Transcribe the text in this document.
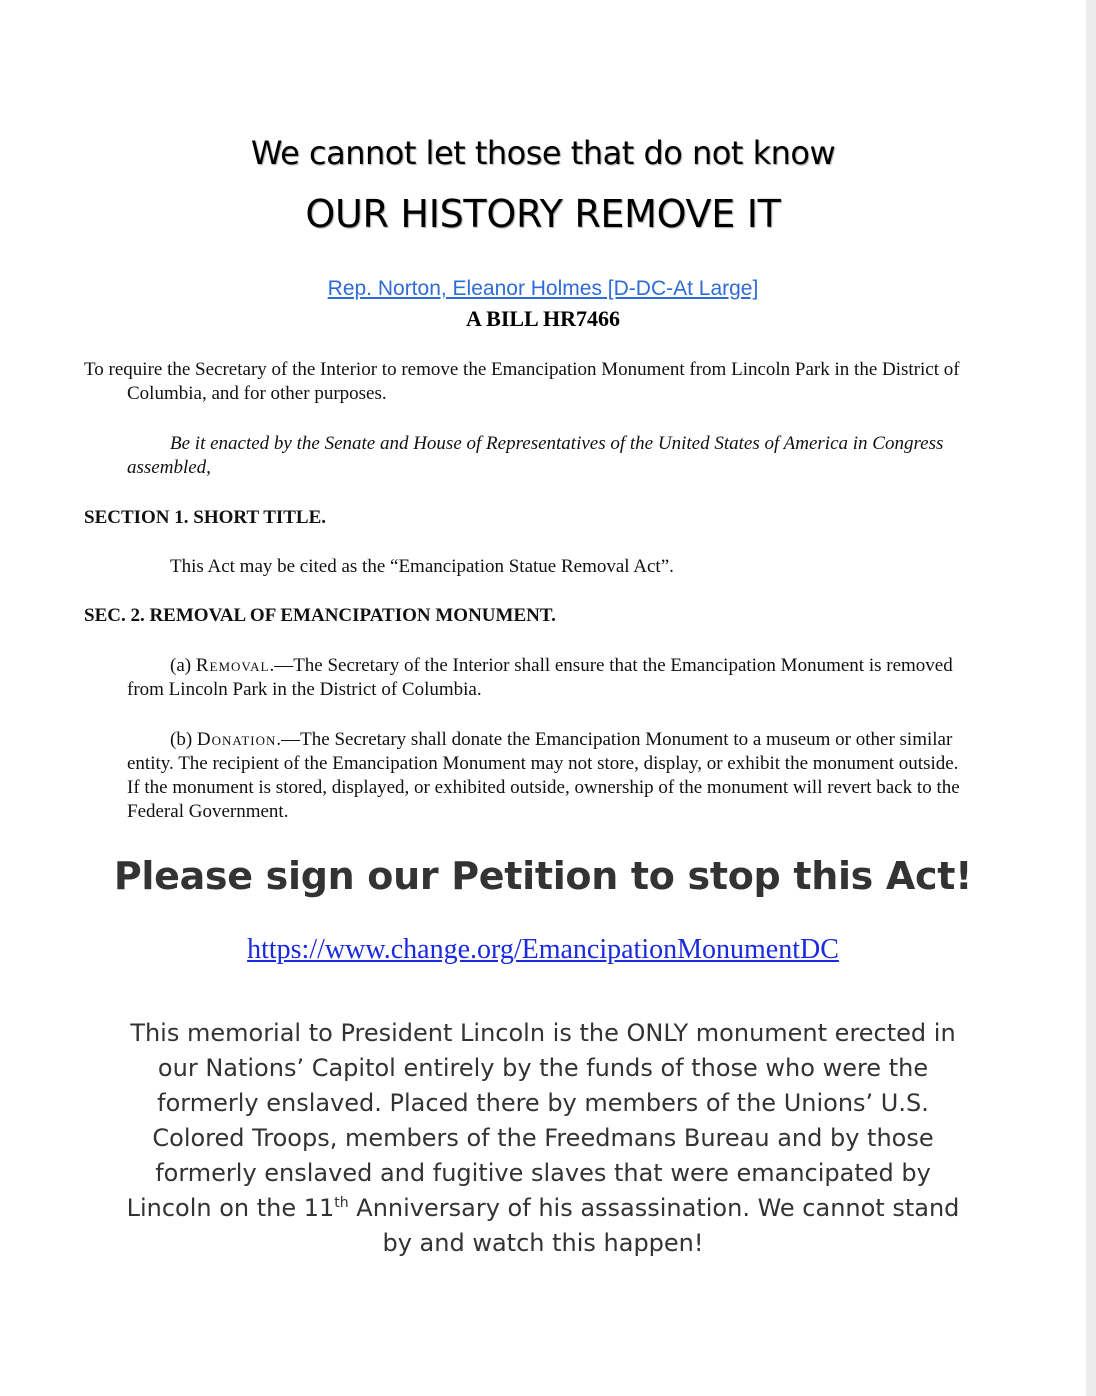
We cannot let those that do not know
OUR HISTORY REMOVE IT
Rep. Norton, Eleanor Holmes [D-DC-At Large]
A BILL HR7466
To require the Secretary of the Interior to remove the Emancipation Monument from Lincoln Park in the District of Columbia, and for other purposes.
Be it enacted by the Senate and House of Representatives of the United States of America in Congress assembled,
SECTION 1. SHORT TITLE.
This Act may be cited as the “Emancipation Statue Removal Act”.
SEC. 2. REMOVAL OF EMANCIPATION MONUMENT.
(a) Removal.—The Secretary of the Interior shall ensure that the Emancipation Monument is removed from Lincoln Park in the District of Columbia.
(b) Donation.—The Secretary shall donate the Emancipation Monument to a museum or other similar entity. The recipient of the Emancipation Monument may not store, display, or exhibit the monument outside. If the monument is stored, displayed, or exhibited outside, ownership of the monument will revert back to the Federal Government.
Please sign our Petition to stop this Act!
https://www.change.org/EmancipationMonumentDC
This memorial to President Lincoln is the ONLY monument erected in our Nations’ Capitol entirely by the funds of those who were the formerly enslaved. Placed there by members of the Unions’ U.S. Colored Troops, members of the Freedmans Bureau and by those formerly enslaved and fugitive slaves that were emancipated by Lincoln on the 11th Anniversary of his assassination. We cannot stand by and watch this happen!
